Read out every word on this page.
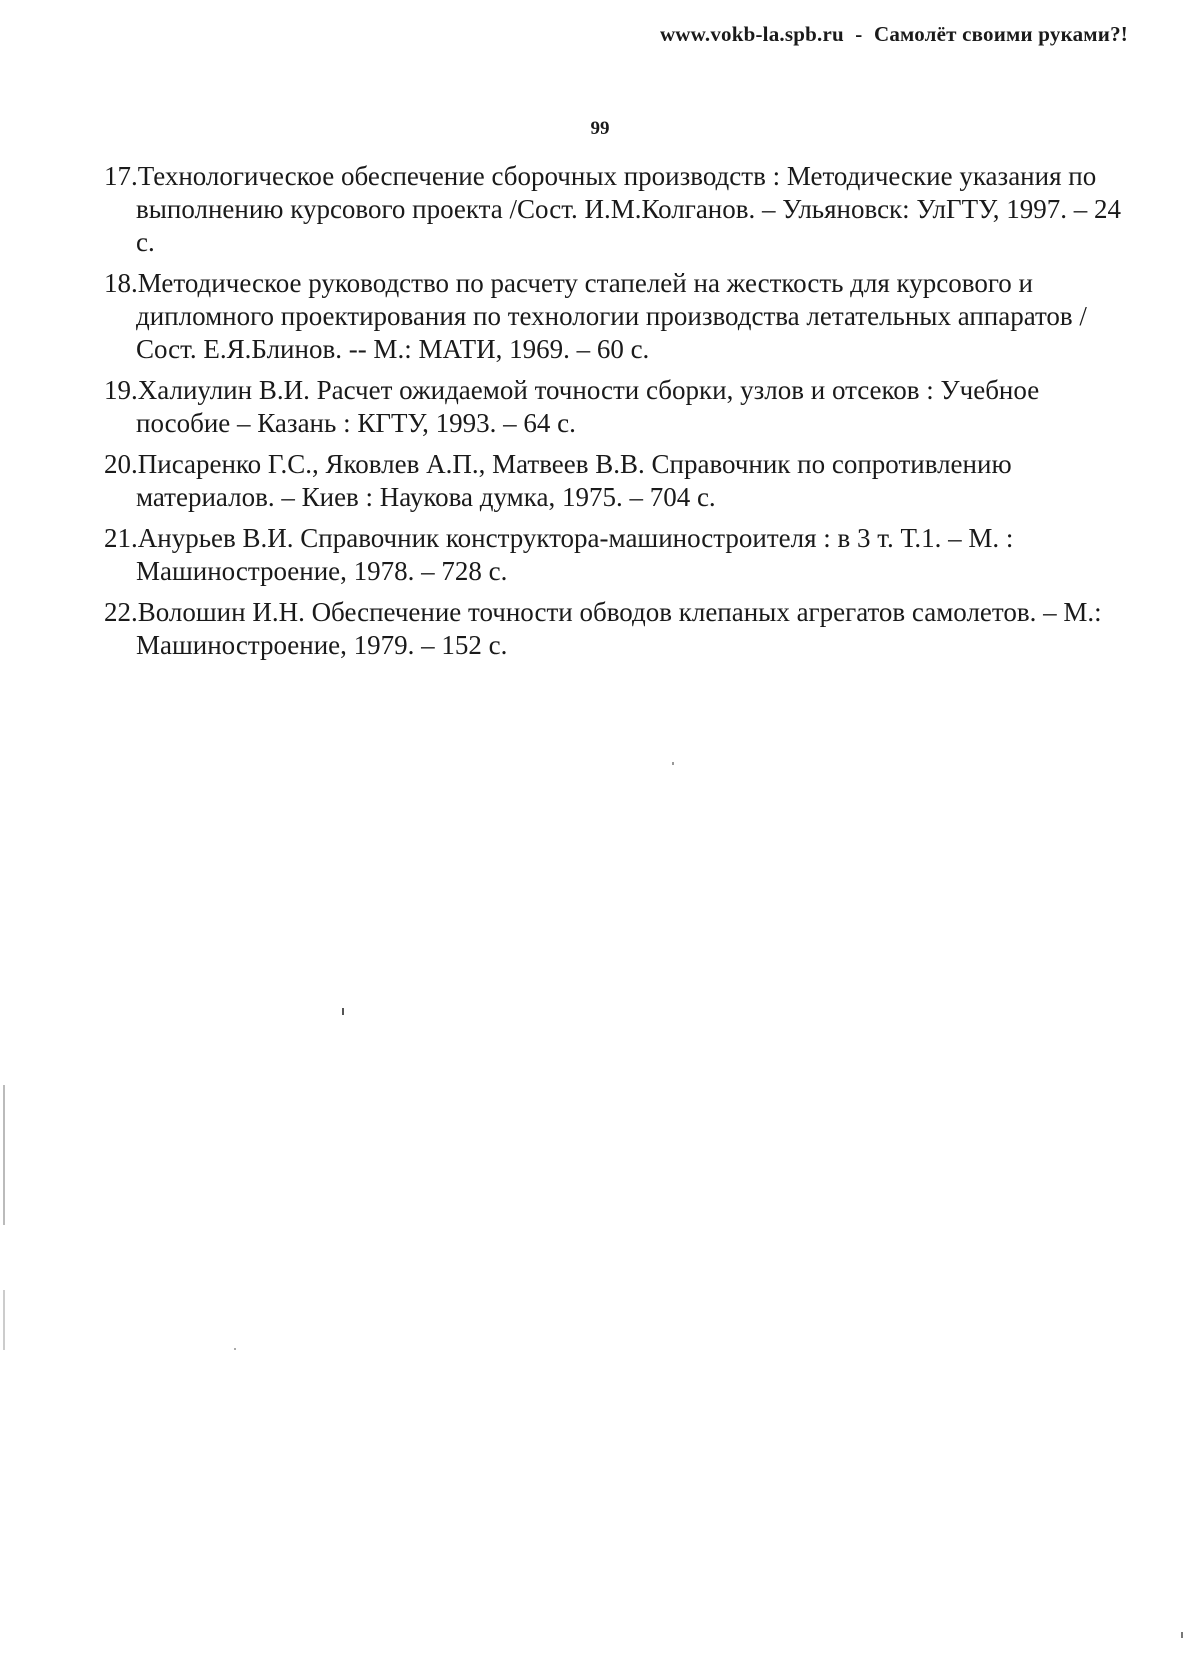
www.vokb-la.spb.ru - Самолёт своими руками?!
99
17.Технологическое обеспечение сборочных производств : Методические указания по выполнению курсового проекта /Сост. И.М.Колганов. – Ульяновск: УлГТУ, 1997. – 24 с.
18.Методическое руководство по расчету стапелей на жесткость для курсового и дипломного проектирования по технологии производства летательных аппаратов / Сост. Е.Я.Блинов. -- М.: МАТИ, 1969. – 60 с.
19.Халиулин В.И. Расчет ожидаемой точности сборки, узлов и отсеков : Учебное пособие – Казань : КГТУ, 1993. – 64 с.
20.Писаренко Г.С., Яковлев А.П., Матвеев В.В. Справочник по сопротивлению материалов. – Киев : Наукова думка, 1975. – 704 с.
21.Анурьев В.И. Справочник конструктора-машиностроителя : в 3 т. Т.1. – М. : Машиностроение, 1978. – 728 с.
22.Волошин И.Н. Обеспечение точности обводов клепаных агрегатов самолетов. – М.: Машиностроение, 1979. – 152 с.
